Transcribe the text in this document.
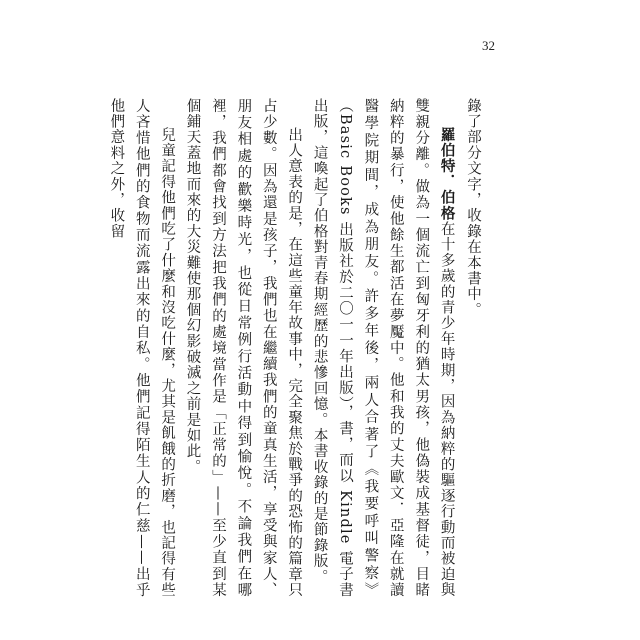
32

錄了部分文字，收錄在本書中。

羅伯特．伯格在十多歲的青少年時期，因為納粹的驅逐行動而被迫與雙親分離。做為一個流亡到匈牙利的猶太男孩，他偽裝成基督徒，目睹納粹的暴行，使他餘生都活在夢魘中。他和我的丈夫歐文．亞隆在就讀醫學院期間，成為朋友。許多年後，兩人合著了《我要呼叫警察》（Basic Books 出版社於二〇一一年出版），書，而以 Kindle 電子書出版，這喚起了伯格對青春期經歷的悲慘回憶。本書收錄的是節錄版。

出人意表的是，在這些童年故事中，完全聚焦於戰爭的恐怖的篇章只占少數。因為還是孩子，我們也在繼續我們的童真生活，享受與家人、朋友相處的歡樂時光，也從日常例行活動中得到愉悅。不論我們在哪裡，我們都會找到方法把我們的處境當作是「正常的」——至少直到某個鋪天蓋地而來的大災難使那個幻影破滅之前是如此。

兒童記得他們吃了什麼和沒吃什麼，尤其是飢餓的折磨，也記得有些人吝惜他們的食物而流露出來的自私。他們記得陌生人的仁慈——出乎他們意料之外，收留
